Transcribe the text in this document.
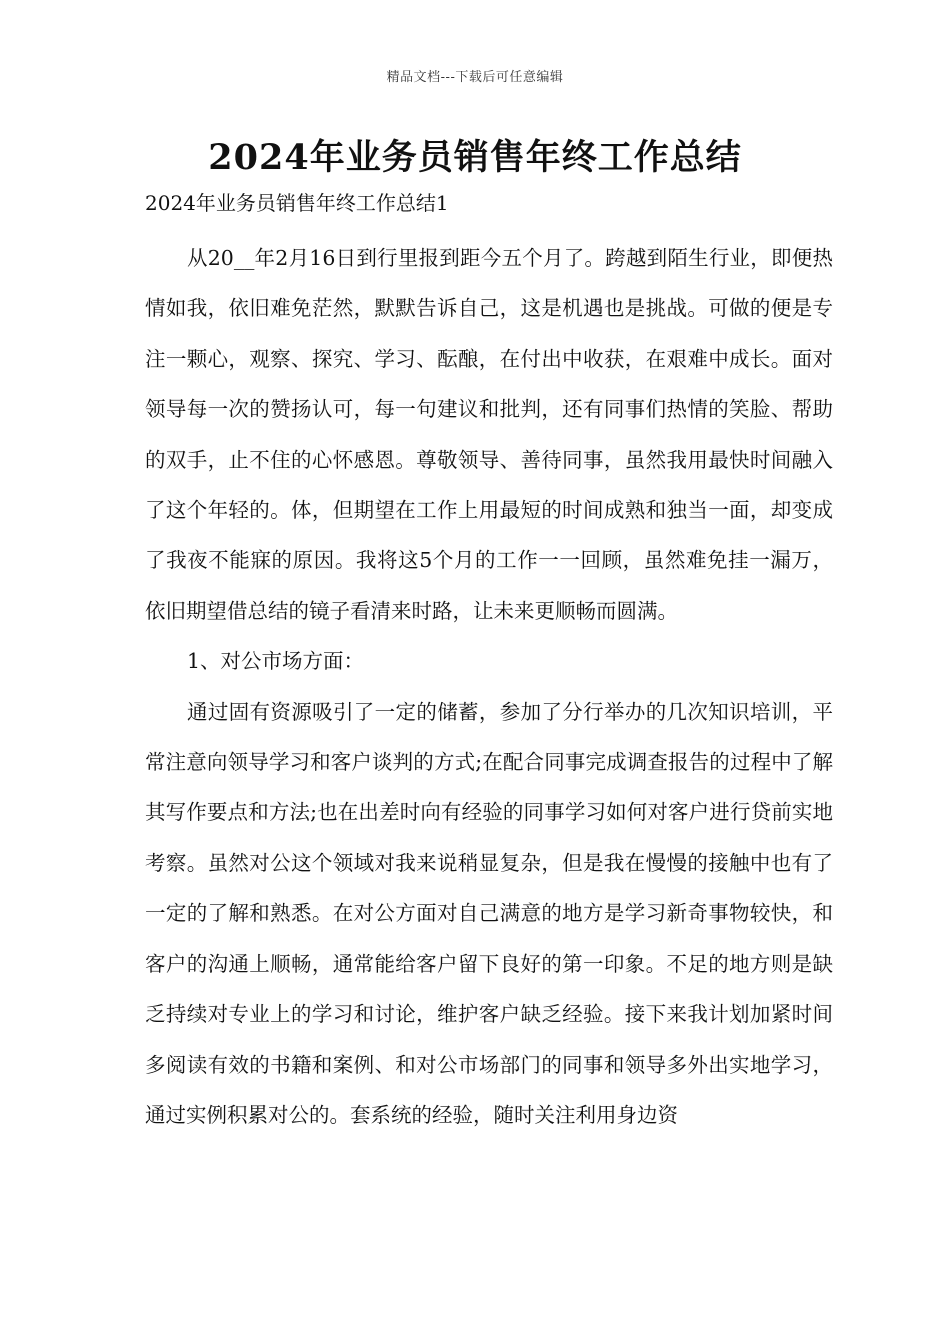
精品文档---下载后可任意编辑
2024年业务员销售年终工作总结

2024年业务员销售年终工作总结1

从20__年2月16日到行里报到距今五个月了。跨越到陌生行业，即便热情如我，依旧难免茫然，默默告诉自己，这是机遇也是挑战。可做的便是专注一颗心，观察、探究、学习、酝酿，在付出中收获，在艰难中成长。面对领导每一次的赞扬认可，每一句建议和批判，还有同事们热情的笑脸、帮助的双手，止不住的心怀感恩。尊敬领导、善待同事，虽然我用最快时间融入了这个年轻的。体，但期望在工作上用最短的时间成熟和独当一面，却变成了我夜不能寐的原因。我将这5个月的工作一一回顾，虽然难免挂一漏万，依旧期望借总结的镜子看清来时路，让未来更顺畅而圆满。

1、对公市场方面：

通过固有资源吸引了一定的储蓄，参加了分行举办的几次知识培训，平常注意向领导学习和客户谈判的方式;在配合同事完成调查报告的过程中了解其写作要点和方法;也在出差时向有经验的同事学习如何对客户进行贷前实地考察。虽然对公这个领域对我来说稍显复杂，但是我在慢慢的接触中也有了一定的了解和熟悉。在对公方面对自己满意的地方是学习新奇事物较快，和客户的沟通上顺畅，通常能给客户留下良好的第一印象。不足的地方则是缺乏持续对专业上的学习和讨论，维护客户缺乏经验。接下来我计划加紧时间多阅读有效的书籍和案例、和对公市场部门的同事和领导多外出实地学习，通过实例积累对公的。套系统的经验，随时关注利用身边资
